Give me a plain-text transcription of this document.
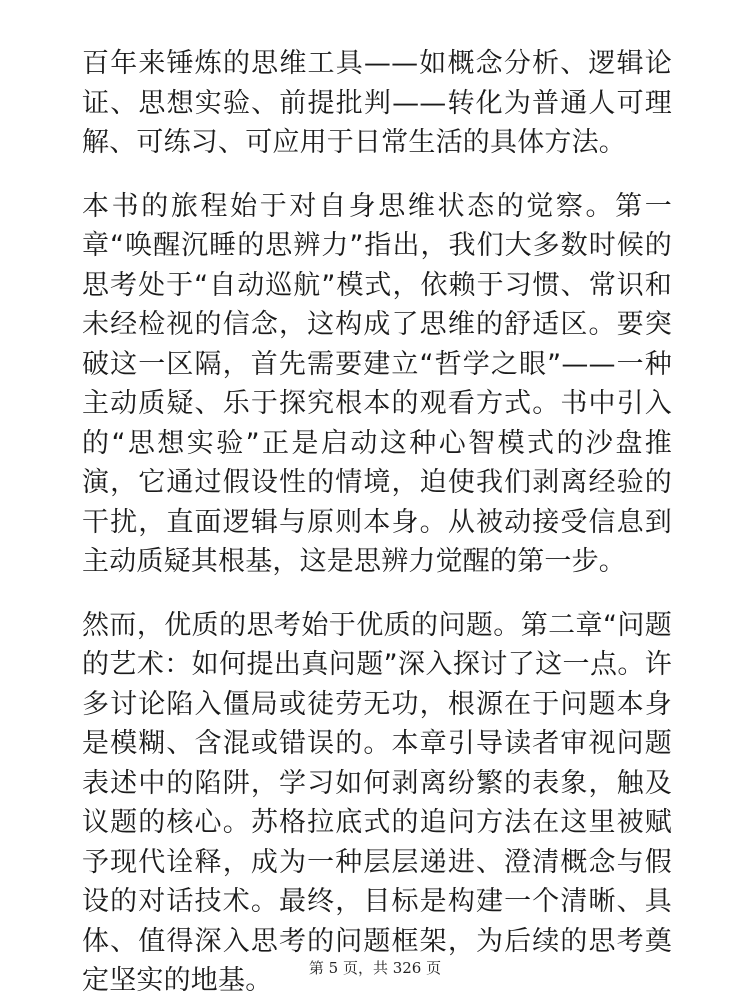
百年来锤炼的思维工具——如概念分析、逻辑论证、思想实验、前提批判——转化为普通人可理解、可练习、可应用于日常生活的具体方法。

本书的旅程始于对自身思维状态的觉察。第一章“唤醒沉睡的思辨力”指出，我们大多数时候的思考处于“自动巡航”模式，依赖于习惯、常识和未经检视的信念，这构成了思维的舒适区。要突破这一区隔，首先需要建立“哲学之眼”——一种主动质疑、乐于探究根本的观看方式。书中引入的“思想实验”正是启动这种心智模式的沙盘推演，它通过假设性的情境，迫使我们剥离经验的干扰，直面逻辑与原则本身。从被动接受信息到主动质疑其根基，这是思辨力觉醒的第一步。

然而，优质的思考始于优质的问题。第二章“问题的艺术：如何提出真问题”深入探讨了这一点。许多讨论陷入僵局或徒劳无功，根源在于问题本身是模糊、含混或错误的。本章引导读者审视问题表述中的陷阱，学习如何剥离纷繁的表象，触及议题的核心。苏格拉底式的追问方法在这里被赋予现代诠释，成为一种层层递进、澄清概念与假设的对话技术。最终，目标是构建一个清晰、具体、值得深入思考的问题框架，为后续的思考奠定坚实的地基。	第 5 页，共 326 页
